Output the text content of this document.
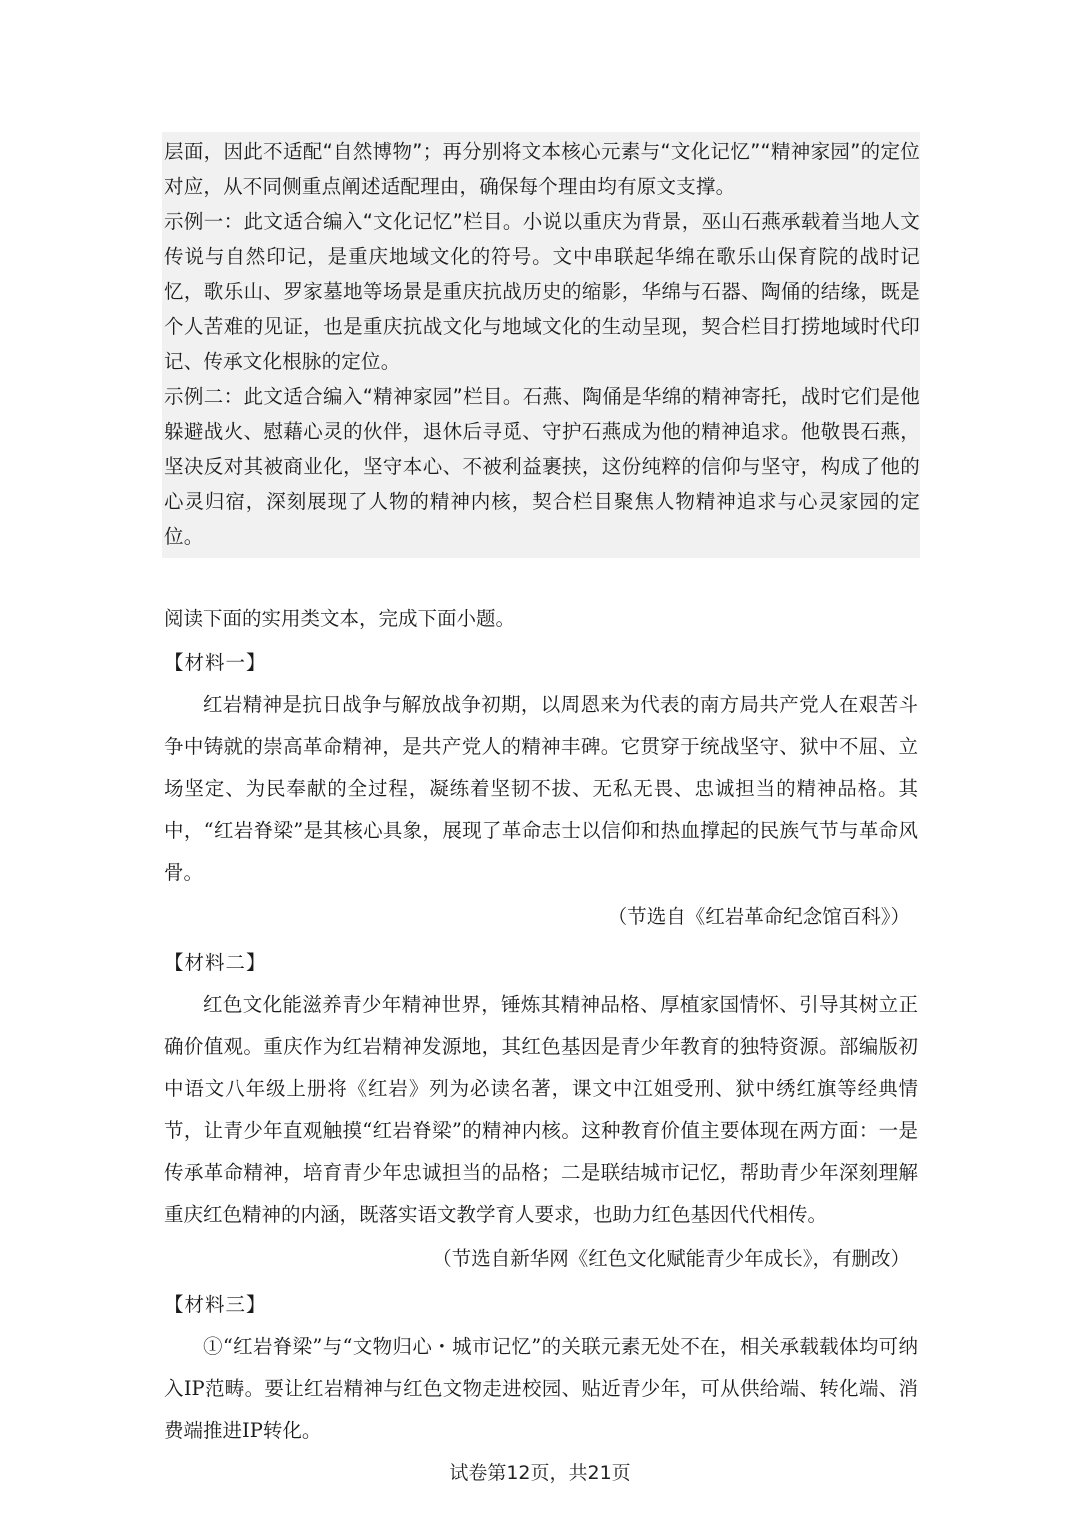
层面，因此不适配“自然博物”；再分别将文本核心元素与“文化记忆”“精神家园”的定位对应，从不同侧重点阐述适配理由，确保每个理由均有原文支撑。

示例一：此文适合编入“文化记忆”栏目。小说以重庆为背景，巫山石燕承载着当地人文传说与自然印记，是重庆地域文化的符号。文中串联起华绵在歌乐山保育院的战时记忆，歌乐山、罗家墓地等场景是重庆抗战历史的缩影，华绵与石器、陶俑的结缘，既是个人苦难的见证，也是重庆抗战文化与地域文化的生动呈现，契合栏目打捞地域时代印记、传承文化根脉的定位。

示例二：此文适合编入“精神家园”栏目。石燕、陶俑是华绵的精神寄托，战时它们是他躲避战火、慰藉心灵的伙伴，退休后寻觅、守护石燕成为他的精神追求。他敬畏石燕，坚决反对其被商业化，坚守本心、不被利益裹挟，这份纯粹的信仰与坚守，构成了他的心灵归宿，深刻展现了人物的精神内核，契合栏目聚焦人物精神追求与心灵家园的定位。

阅读下面的实用类文本，完成下面小题。

【材料一】

红岩精神是抗日战争与解放战争初期，以周恩来为代表的南方局共产党人在艰苦斗争中铸就的崇高革命精神，是共产党人的精神丰碑。它贯穿于统战坚守、狱中不屈、立场坚定、为民奉献的全过程，凝练着坚韧不拔、无私无畏、忠诚担当的精神品格。其中，“红岩脊梁”是其核心具象，展现了革命志士以信仰和热血撑起的民族气节与革命风骨。

（节选自《红岩革命纪念馆百科》）

【材料二】

红色文化能滋养青少年精神世界，锤炼其精神品格、厚植家国情怀、引导其树立正确价值观。重庆作为红岩精神发源地，其红色基因是青少年教育的独特资源。部编版初中语文八年级上册将《红岩》列为必读名著，课文中江姐受刑、狱中绣红旗等经典情节，让青少年直观触摸“红岩脊梁”的精神内核。这种教育价值主要体现在两方面：一是传承革命精神，培育青少年忠诚担当的品格；二是联结城市记忆，帮助青少年深刻理解重庆红色精神的内涵，既落实语文教学育人要求，也助力红色基因代代相传。

（节选自新华网《红色文化赋能青少年成长》，有删改）

【材料三】

①“红岩脊梁”与“文物归心・城市记忆”的关联元素无处不在，相关承载载体均可纳入IP范畴。要让红岩精神与红色文物走进校园、贴近青少年，可从供给端、转化端、消费端推进IP转化。

试卷第12页，共21页
